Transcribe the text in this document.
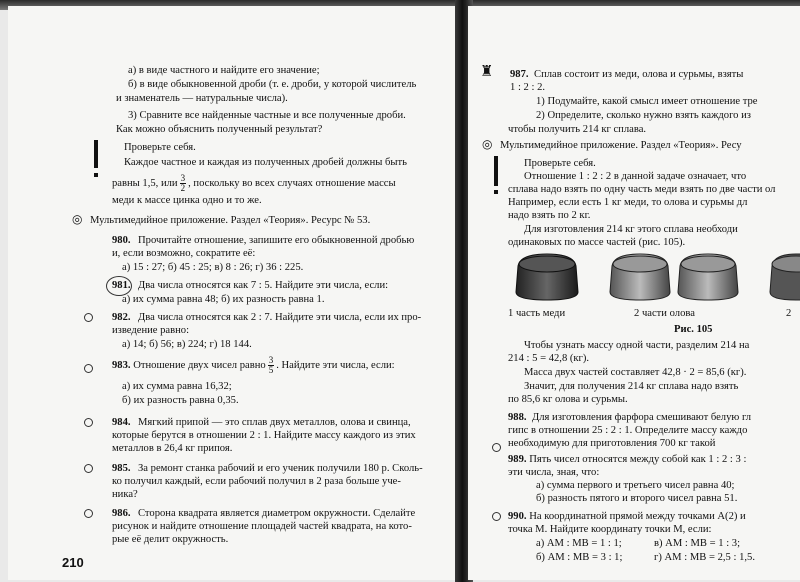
а) в виде частного и найдите его значение;
б) в виде обыкновенной дроби (т. е. дроби, у которой числитель
и знаменатель — натуральные числа).
3) Сравните все найденные частные и все полученные дроби.
Как можно объяснить полученный результат?
Проверьте себя.
Каждое частное и каждая из полученных дробей должны быть
равны 1,5, или $\frac{3}{2}$ , поскольку во всех случаях отношение массы
меди к массе цинка одно и то же.
◎ Мультимедийное приложение. Раздел «Теория». Ресурс № 53.
980. Прочитайте отношение, запишите его обыкновенной дробью
и, если возможно, сократите её:
а) 15 : 27; б) 45 : 25; в) 8 : 26; г) 36 : 225.
981. Два числа относятся как 7 : 5. Найдите эти числа, если:
а) их сумма равна 48; б) их разность равна 1.
982. Два числа относятся как 2 : 7. Найдите эти числа, если их про-
изведение равно:
а) 14; б) 56; в) 224; г) 18 144.
983. Отношение двух чисел равно $\frac{3}{5}$ . Найдите эти числа, если:
а) их сумма равна 16,32;
б) их разность равна 0,35.
984. Мягкий припой — это сплав двух металлов, олова и свинца,
которые берутся в отношении 2 : 1. Найдите массу каждого из этих
металлов в 26,4 кг припоя.
985. За ремонт станка рабочий и его ученик получили 180 р. Сколь-
ко получил каждый, если рабочий получил в 2 раза больше уче-
ника?
986. Сторона квадрата является диаметром окружности. Сделайте
рисунок и найдите отношение площадей частей квадрата, на кото-
рые её делит окружность.
210
♜ 987. Сплав состоит из меди, олова и сурьмы, взяты
1 : 2 : 2.
1) Подумайте, какой смысл имеет отношение тре
2) Определите, сколько нужно взять каждого из
чтобы получить 214 кг сплава.
◎ Мультимедийное приложение. Раздел «Теория». Ресу
Проверьте себя.
Отношение 1 : 2 : 2 в данной задаче означает, что
сплава надо взять по одну часть меди взять по две части ол
Например, если есть 1 кг меди, то олова и сурьмы дл
надо взять по 2 кг.
Для изготовления 214 кг этого сплава необходи
одинаковых по массе частей (рис. 105).
1 часть меди	2 части олова	2
Рис. 105
Чтобы узнать массу одной части, разделим 214 на
214 : 5 = 42,8 (кг).
Масса двух частей составляет 42,8 · 2 = 85,6 (кг).
Значит, для получения 214 кг сплава надо взять
по 85,6 кг олова и сурьмы.
988. Для изготовления фарфора смешивают белую гл
гипс в отношении 25 : 2 : 1. Определите массу каждо
необходимую для приготовления 700 кг такой
989. Пять чисел относятся между собой как 1 : 2 : 3 :
эти числа, зная, что:
а) сумма первого и третьего чисел равна 40;
б) разность пятого и второго чисел равна 51.
990. На координатной прямой между точками A(2) и
точка M. Найдите координату точки M, если:
а) AM : MB = 1 : 1;	в) AM : MB = 1 : 3;
б) AM : MB = 3 : 1;	г) AM : MB = 2,5 : 1,5.
